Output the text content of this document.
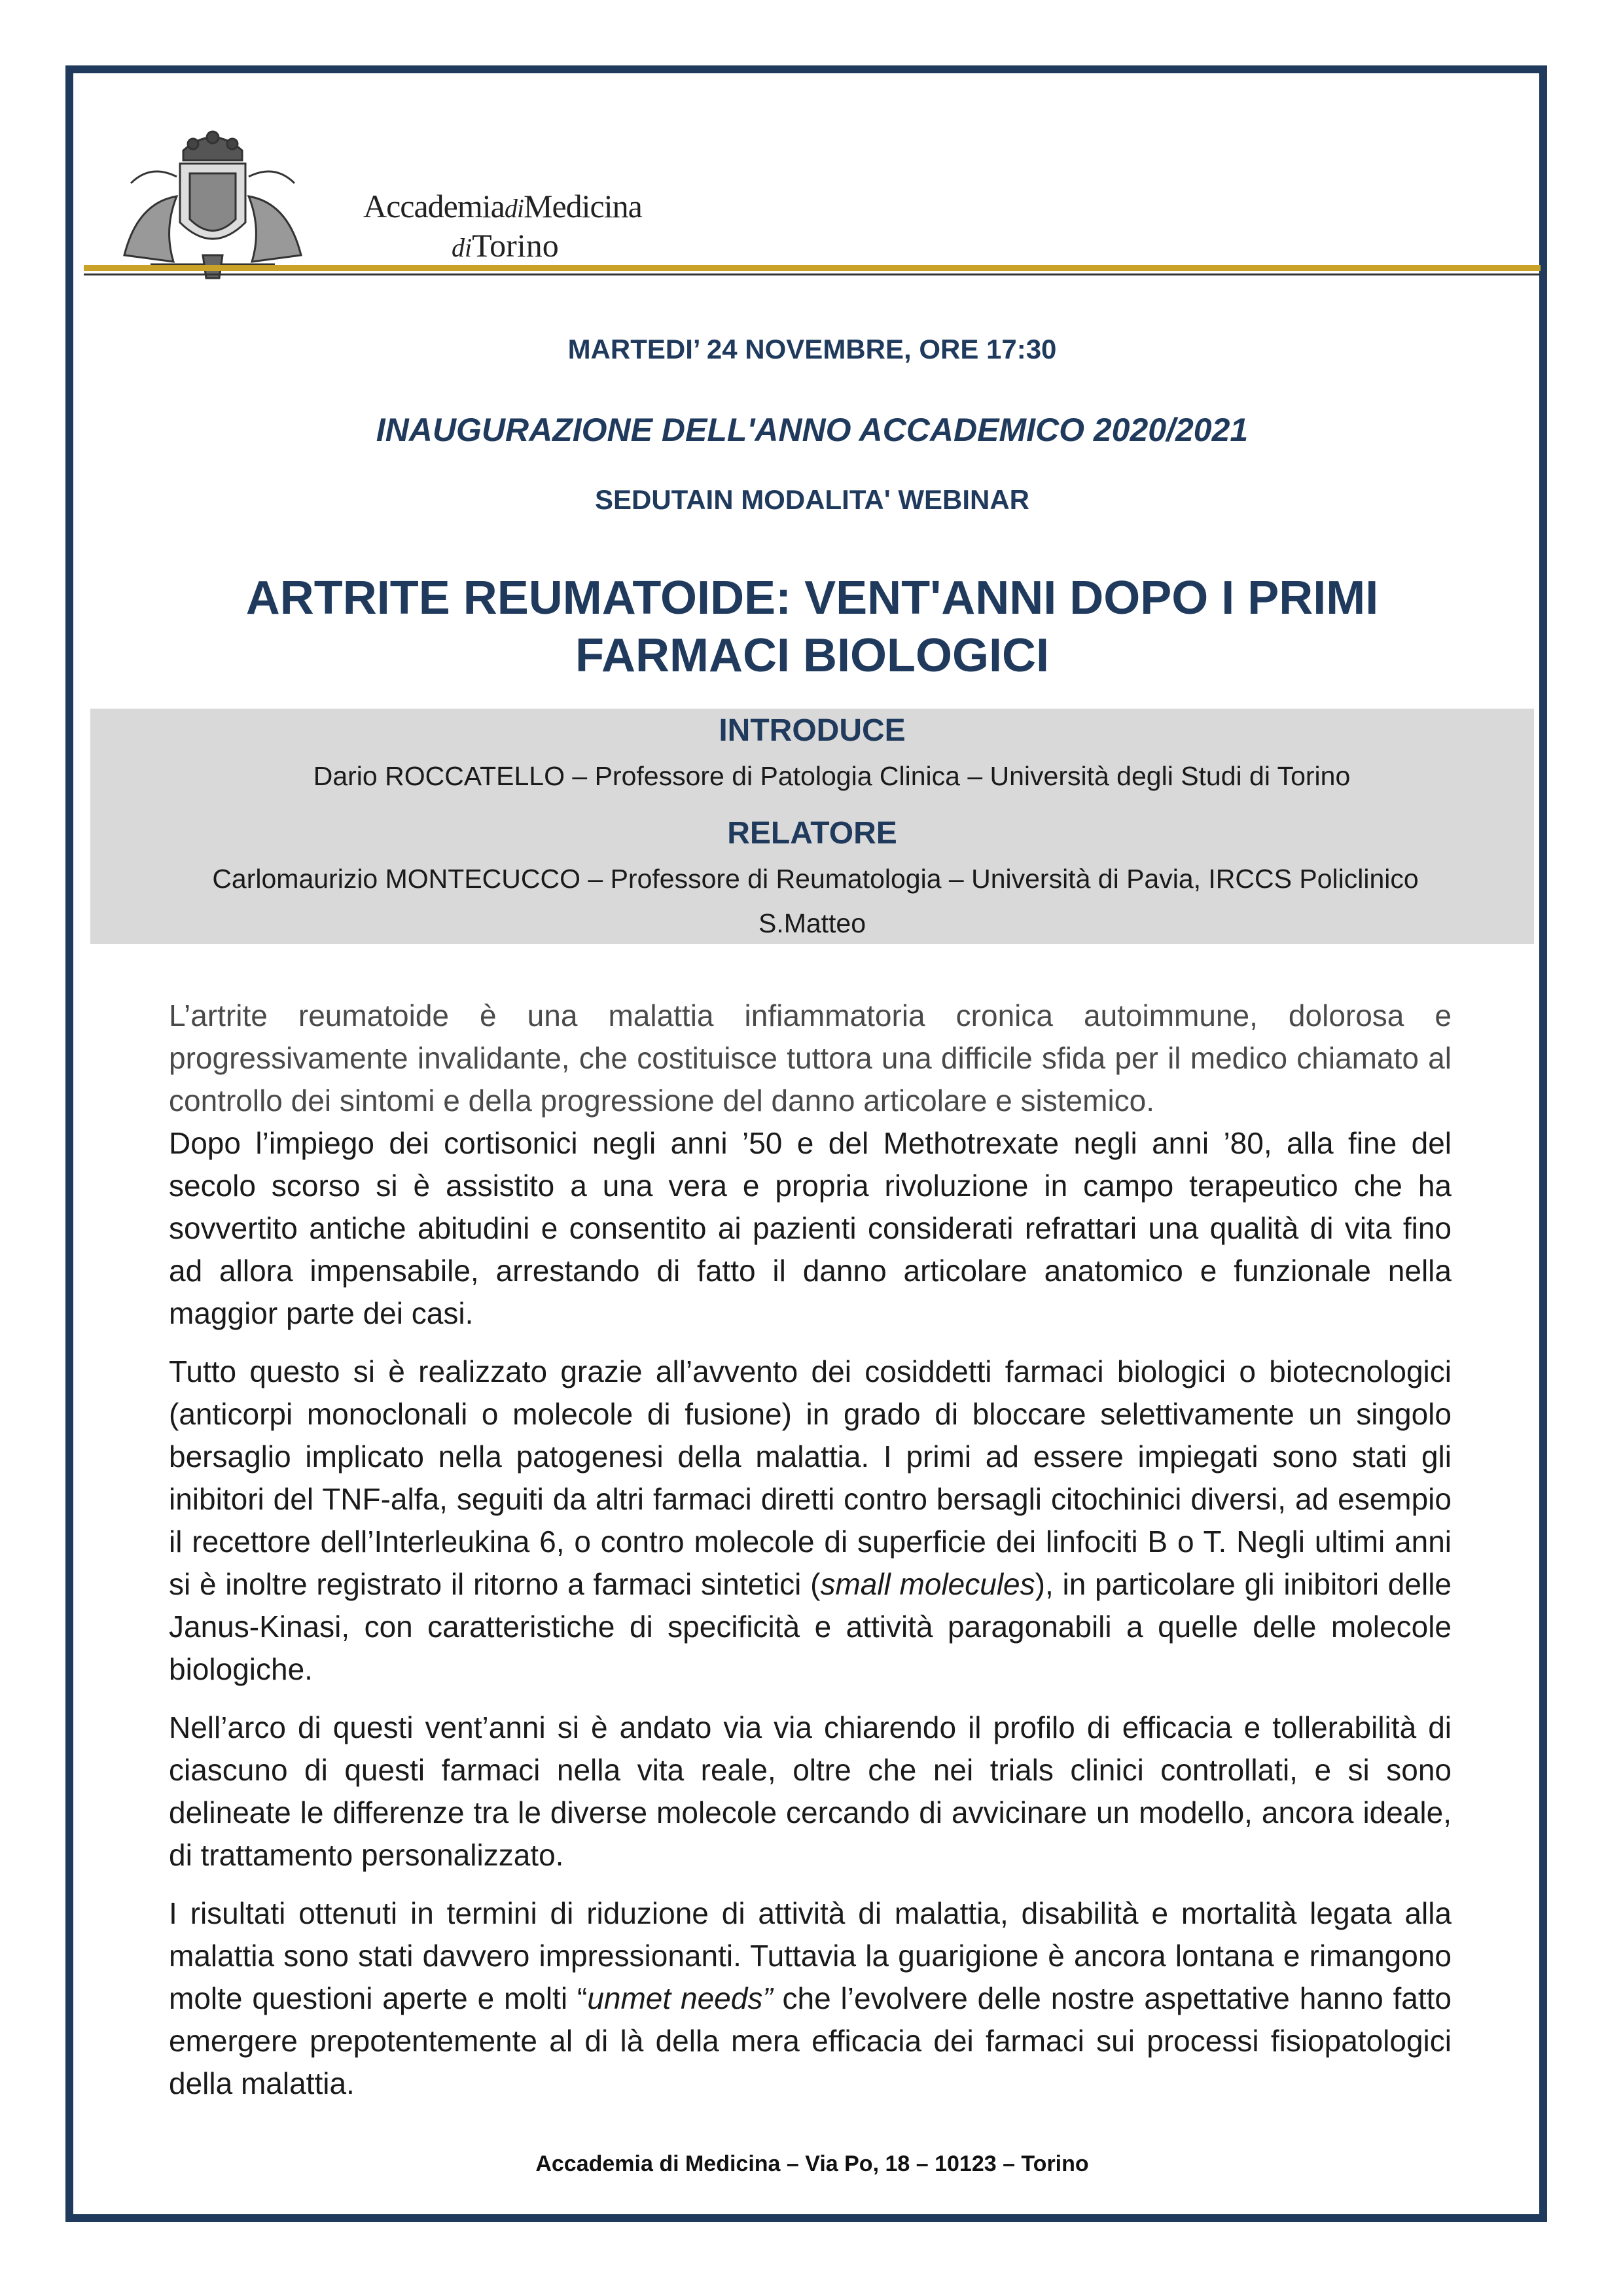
AccademiadiMedicina
diTorino
MARTEDI’ 24 NOVEMBRE, ORE 17:30
INAUGURAZIONE DELL'ANNO ACCADEMICO 2020/2021
SEDUTAIN MODALITA' WEBINAR
ARTRITE REUMATOIDE: VENT'ANNI DOPO I PRIMI
FARMACI BIOLOGICI
INTRODUCE
Dario ROCCATELLO – Professore di Patologia Clinica – Università degli Studi di Torino
RELATORE
Carlomaurizio MONTECUCCO – Professore di Reumatologia – Università di Pavia, IRCCS Policlinico
S.Matteo

L’artrite reumatoide è una malattia infiammatoria cronica autoimmune, dolorosa e progressivamente invalidante, che costituisce tuttora una difficile sfida per il medico chiamato al controllo dei sintomi e della progressione del danno articolare e sistemico.

Dopo l’impiego dei cortisonici negli anni ’50 e del Methotrexate negli anni ’80, alla fine del secolo scorso si è assistito a una vera e propria rivoluzione in campo terapeutico che ha sovvertito antiche abitudini e consentito ai pazienti considerati refrattari una qualità di vita fino ad allora impensabile, arrestando di fatto il danno articolare anatomico e funzionale nella maggior parte dei casi.

Tutto questo si è realizzato grazie all’avvento dei cosiddetti farmaci biologici o biotecnologici (anticorpi monoclonali o molecole di fusione) in grado di bloccare selettivamente un singolo bersaglio implicato nella patogenesi della malattia. I primi ad essere impiegati sono stati gli inibitori del TNF-alfa, seguiti da altri farmaci diretti contro bersagli citochinici diversi, ad esempio il recettore dell’Interleukina 6, o contro molecole di superficie dei linfociti B o T. Negli ultimi anni si è inoltre registrato il ritorno a farmaci sintetici (small molecules), in particolare gli inibitori delle Janus-Kinasi, con caratteristiche di specificità e attività paragonabili a quelle delle molecole biologiche.

Nell’arco di questi vent’anni si è andato via via chiarendo il profilo di efficacia e tollerabilità di ciascuno di questi farmaci nella vita reale, oltre che nei trials clinici controllati, e si sono delineate le differenze tra le diverse molecole cercando di avvicinare un modello, ancora ideale, di trattamento personalizzato.

I risultati ottenuti in termini di riduzione di attività di malattia, disabilità e mortalità legata alla malattia sono stati davvero impressionanti. Tuttavia la guarigione è ancora lontana e rimangono molte questioni aperte e molti “unmet needs” che l’evolvere delle nostre aspettative hanno fatto emergere prepotentemente al di là della mera efficacia dei farmaci sui processi fisiopatologici della malattia.

Accademia di Medicina – Via Po, 18 – 10123 – Torino
